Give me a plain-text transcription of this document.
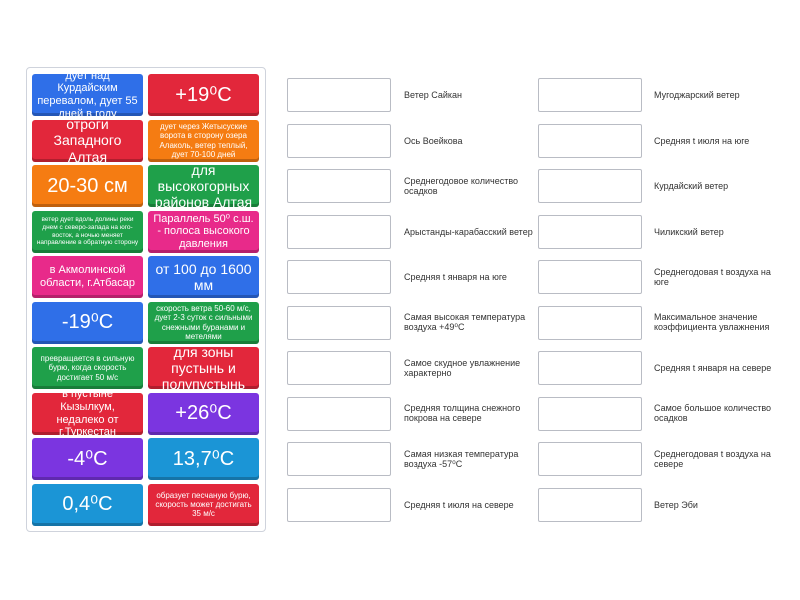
дует над Курдайским перевалом, дует 55 дней в году
+19⁰С
отроги Западного Алтая
дует через Жетысуские ворота в сторону озера Алаколь, ветер теплый, дует 70-100 дней
20-30 см
для высокогорных районов Алтая
ветер дует вдоль долины реки днем с северо-запада на юго-восток, а ночью меняет направление в обратную сторону
Параллель 50⁰ с.ш. - полоса высокого давления
в Акмолинской области, г.Атбасар
от 100 до 1600 мм
-19⁰С
скорость ветра 50-60 м/с, дует 2-3 суток с сильными снежными буранами и метелями
превращается в сильную бурю, когда скорость достигает 50 м/с
для зоны пустынь и полупустынь
в пустыне Кызылкум, недалеко от г.Туркестан
+26⁰С
-4⁰С	13,7⁰С
0,4⁰С	образует песчаную бурю, скорость может достигать 35 м/с
Ветер Сайкан
Ось Воейкова
Среднегодовое количество осадков
Арыстанды-карабасский ветер
Средняя t января на юге
Самая высокая температура воздуха +49⁰С
Самое скудное увлажнение характерно
Средняя толщина снежного покрова на севере
Самая низкая температура воздуха -57⁰С
Средняя t июля на севере
Мугоджарский ветер
Средняя t июля на юге
Курдайский ветер
Чиликский ветер
Среднегодовая t воздуха на юге
Максимальное значение коэффициента увлажнения
Средняя t января на севере
Самое большое количество осадков
Среднегодовая t воздуха на севере
Ветер Эби
